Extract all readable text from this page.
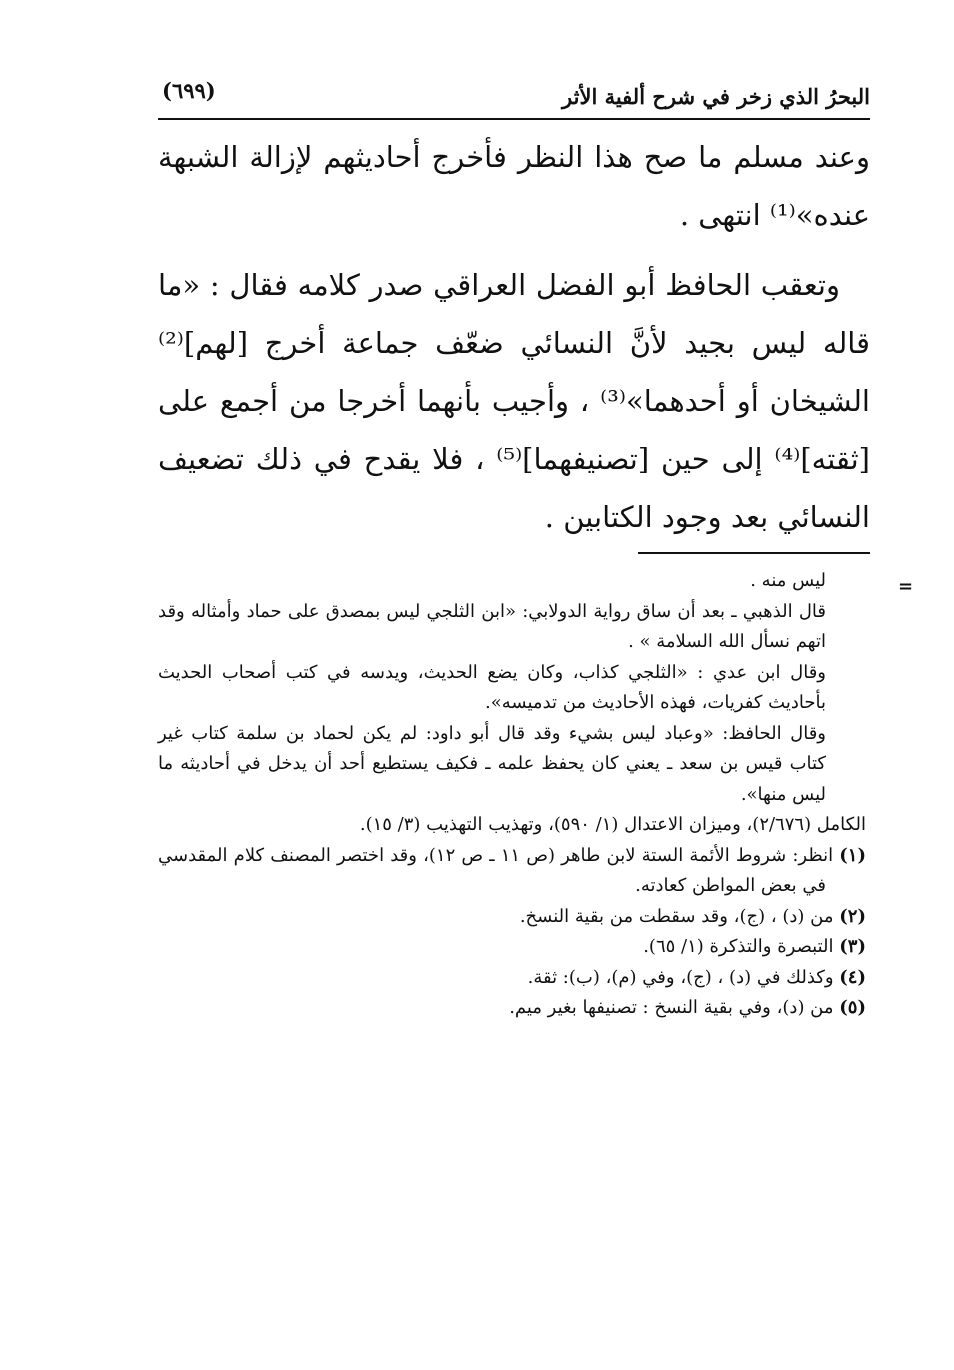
البحرُ الذي زخر في شرح ألفية الأثر
(٦٩٩)

وعند مسلم ما صح هذا النظر فأخرج أحاديثهم لإزالة الشبهة عنده»⁽¹⁾ انتهى .

وتعقب الحافظ أبو الفضل العراقي صدر كلامه فقال : «ما قاله ليس بجيد لأنَّ النسائي ضعّف جماعة أخرج [لهم]⁽²⁾ الشيخان أو أحدهما»⁽³⁾ ، وأجيب بأنهما أخرجا من أجمع على [ثقته]⁽⁴⁾ إلى حين [تصنيفهما]⁽⁵⁾ ، فلا يقدح في ذلك تضعيف النسائي بعد وجود الكتابين .

=

ليس منه .

قال الذهبي ـ بعد أن ساق رواية الدولابي: «ابن الثلجي ليس بمصدق على حماد وأمثاله وقد اتهم نسأل الله السلامة » .

وقال ابن عدي : «الثلجي كذاب، وكان يضع الحديث، ويدسه في كتب أصحاب الحديث بأحاديث كفريات، فهذه الأحاديث من تدميسه».

وقال الحافظ: «وعباد ليس بشيء وقد قال أبو داود: لم يكن لحماد بن سلمة كتاب غير كتاب قيس بن سعد ـ يعني كان يحفظ علمه ـ فكيف يستطيع أحد أن يدخل في أحاديثه ما ليس منها».

الكامل (٢/٦٧٦)، وميزان الاعتدال (١/ ٥٩٠)، وتهذيب التهذيب (٣/ ١٥).

(١) انظر: شروط الأئمة الستة لابن طاهر (ص ١١ ـ ص ١٢)، وقد اختصر المصنف كلام المقدسي في بعض المواطن كعادته.

(٢) من (د) ، (ج)، وقد سقطت من بقية النسخ.

(٣) التبصرة والتذكرة (١/ ٦٥).

(٤) وكذلك في (د) ، (ج)، وفي (م)، (ب): ثقة.

(٥) من (د)، وفي بقية النسخ : تصنيفها بغير ميم.
